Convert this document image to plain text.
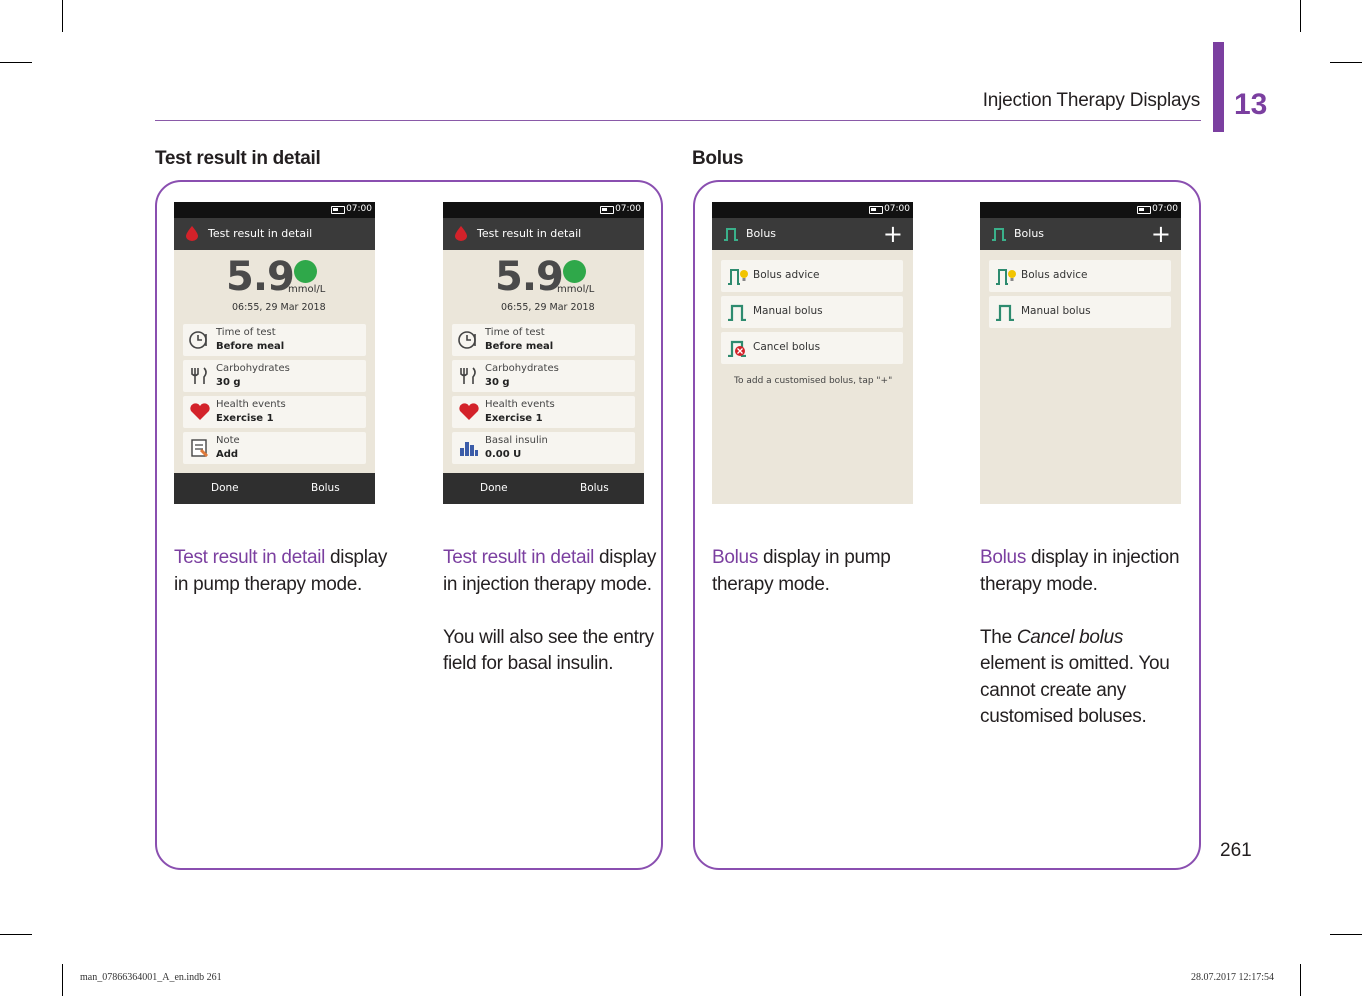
Injection Therapy Displays 13
Test result in detail	Bolus
07:00
Test result in detail
5.9
mmol/L
06:55, 29 Mar 2018
Time of test
Before meal
Carbohydrates
30 g
Health events
Exercise 1
Note
Add
Done	Bolus
07:00
Test result in detail
5.9
mmol/L
06:55, 29 Mar 2018
Time of test
Before meal
Carbohydrates
30 g
Health events
Exercise 1
Basal insulin
0.00 U
Done	Bolus
07:00
Bolus	+
Bolus advice
Manual bolus
Cancel bolus
To add a customised bolus, tap "+"
07:00
Bolus	+
Bolus advice
Manual bolus

Test result in detail display in pump therapy mode.

Test result in detail display in injection therapy mode.

You will also see the entry field for basal insulin.

Bolus display in pump therapy mode.

Bolus display in injection therapy mode.

The Cancel bolus element is omitted. You cannot create any customised boluses.

261
man_07866364001_A_en.indb 261	28.07.2017 12:17:54
